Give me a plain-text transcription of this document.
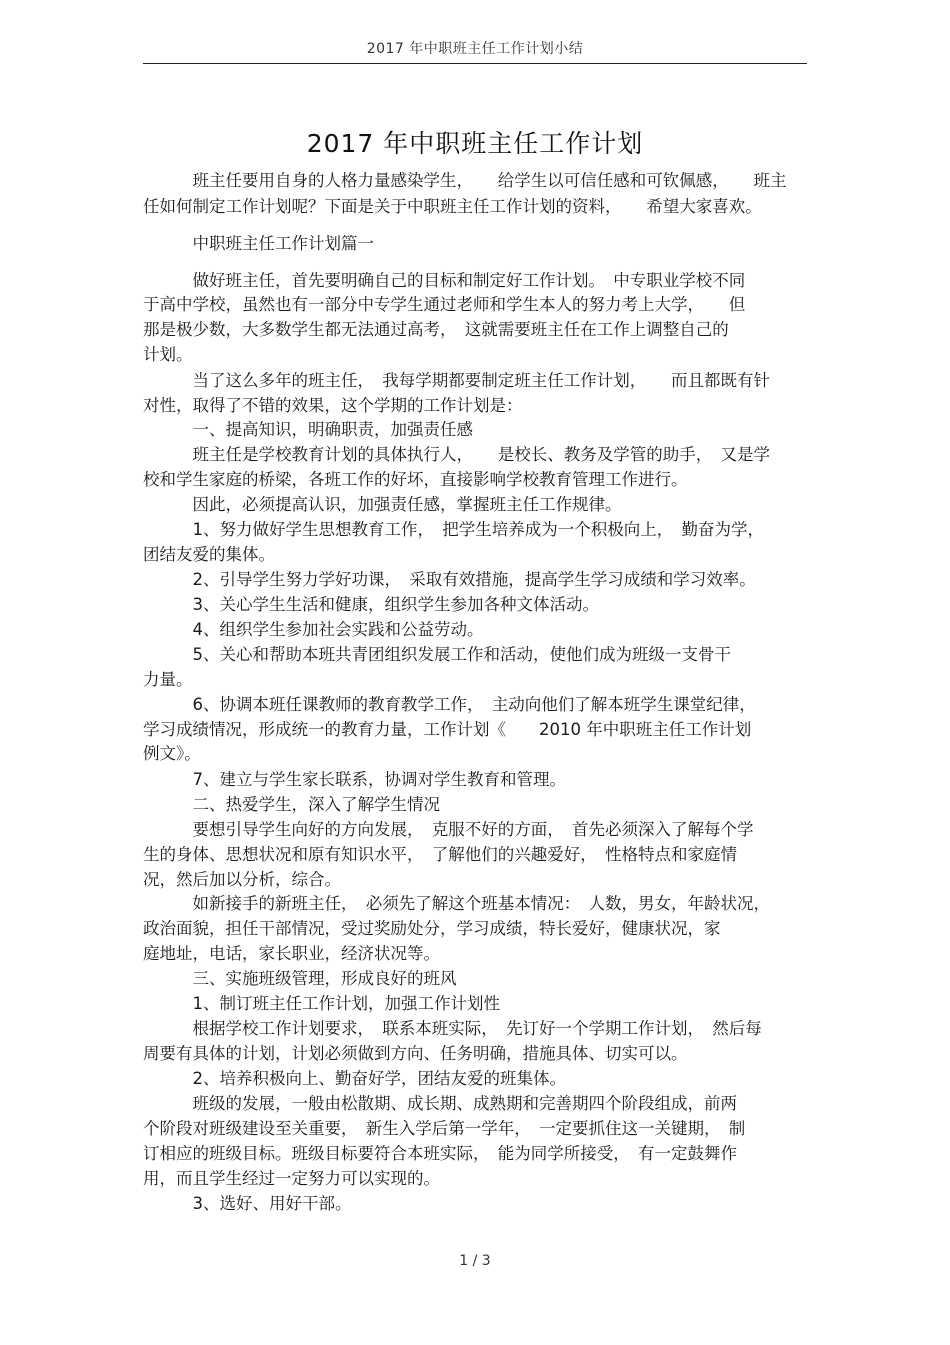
2017 年中职班主任工作计划小结
2017 年中职班主任工作计划
　　　班主任要用自身的人格力量感染学生，　　给学生以可信任感和可钦佩感，　　班主
任如何制定工作计划呢？下面是关于中职班主任工作计划的资料，　　希望大家喜欢。
　　　中职班主任工作计划篇一
　　　做好班主任，首先要明确自己的目标和制定好工作计划。　中专职业学校不同
于高中学校，虽然也有一部分中专学生通过老师和学生本人的努力考上大学，　　但
那是极少数，大多数学生都无法通过高考，　这就需要班主任在工作上调整自己的
计划。
　　　当了这么多年的班主任，　我每学期都要制定班主任工作计划，　　而且都既有针
对性，取得了不错的效果，这个学期的工作计划是：
　　　一、提高知识，明确职责，加强责任感
　　　班主任是学校教育计划的具体执行人，　　是校长、教务及学管的助手，　又是学
校和学生家庭的桥梁，各班工作的好坏，直接影响学校教育管理工作进行。
　　　因此，必须提高认识，加强责任感，掌握班主任工作规律。
　　　1、努力做好学生思想教育工作，　把学生培养成为一个积极向上，　勤奋为学，
团结友爱的集体。
　　　2、引导学生努力学好功课，　采取有效措施，提高学生学习成绩和学习效率。
　　　3、关心学生生活和健康，组织学生参加各种文体活动。
　　　4、组织学生参加社会实践和公益劳动。
　　　5、关心和帮助本班共青团组织发展工作和活动，使他们成为班级一支骨干
力量。
　　　6、协调本班任课教师的教育教学工作，　主动向他们了解本班学生课堂纪律，
学习成绩情况，形成统一的教育力量，工作计划《　　2010 年中职班主任工作计划
例文》。
　　　7、建立与学生家长联系，协调对学生教育和管理。
　　　二、热爱学生，深入了解学生情况
　　　要想引导学生向好的方向发展，　克服不好的方面，　首先必须深入了解每个学
生的身体、思想状况和原有知识水平，　了解他们的兴趣爱好，　性格特点和家庭情
况，然后加以分析，综合。
　　　如新接手的新班主任，　必须先了解这个班基本情况：　人数，男女，年龄状况，
政治面貌，担任干部情况，受过奖励处分，学习成绩，特长爱好，健康状况，家
庭地址，电话，家长职业，经济状况等。
　　　三、实施班级管理，形成良好的班风
　　　1、制订班主任工作计划，加强工作计划性
　　　根据学校工作计划要求，　联系本班实际，　先订好一个学期工作计划，　然后每
周要有具体的计划，计划必须做到方向、任务明确，措施具体、切实可以。
　　　2、培养积极向上、勤奋好学，团结友爱的班集体。
　　　班级的发展，一般由松散期、成长期、成熟期和完善期四个阶段组成，前两
个阶段对班级建设至关重要，　新生入学后第一学年，　一定要抓住这一关键期，　制
订相应的班级目标。班级目标要符合本班实际，　能为同学所接受，　有一定鼓舞作
用，而且学生经过一定努力可以实现的。
　　　3、选好、用好干部。
1 / 3
